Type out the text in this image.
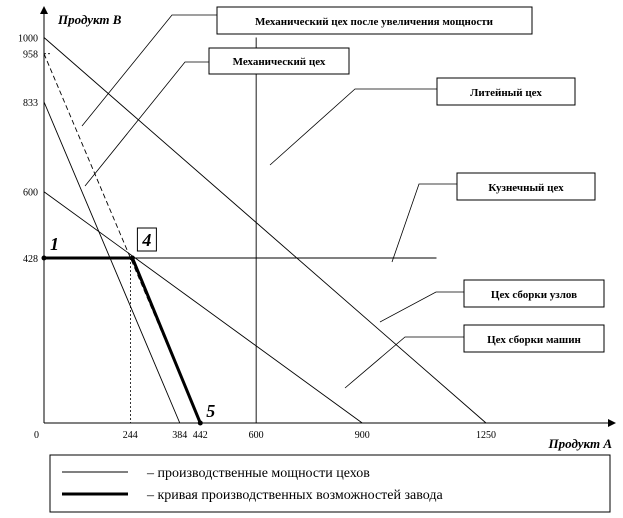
Продукт В
Продукт А
0	244	384 442	600	900	1250
1000
958
833
600
428
1	4
5
Механический цех после увеличения мощности
Механический цех
Литейный цех
Кузнечный цех
Цех сборки узлов
Цех сборки машин
– производственные мощности цехов
– кривая производственных возможностей завода
